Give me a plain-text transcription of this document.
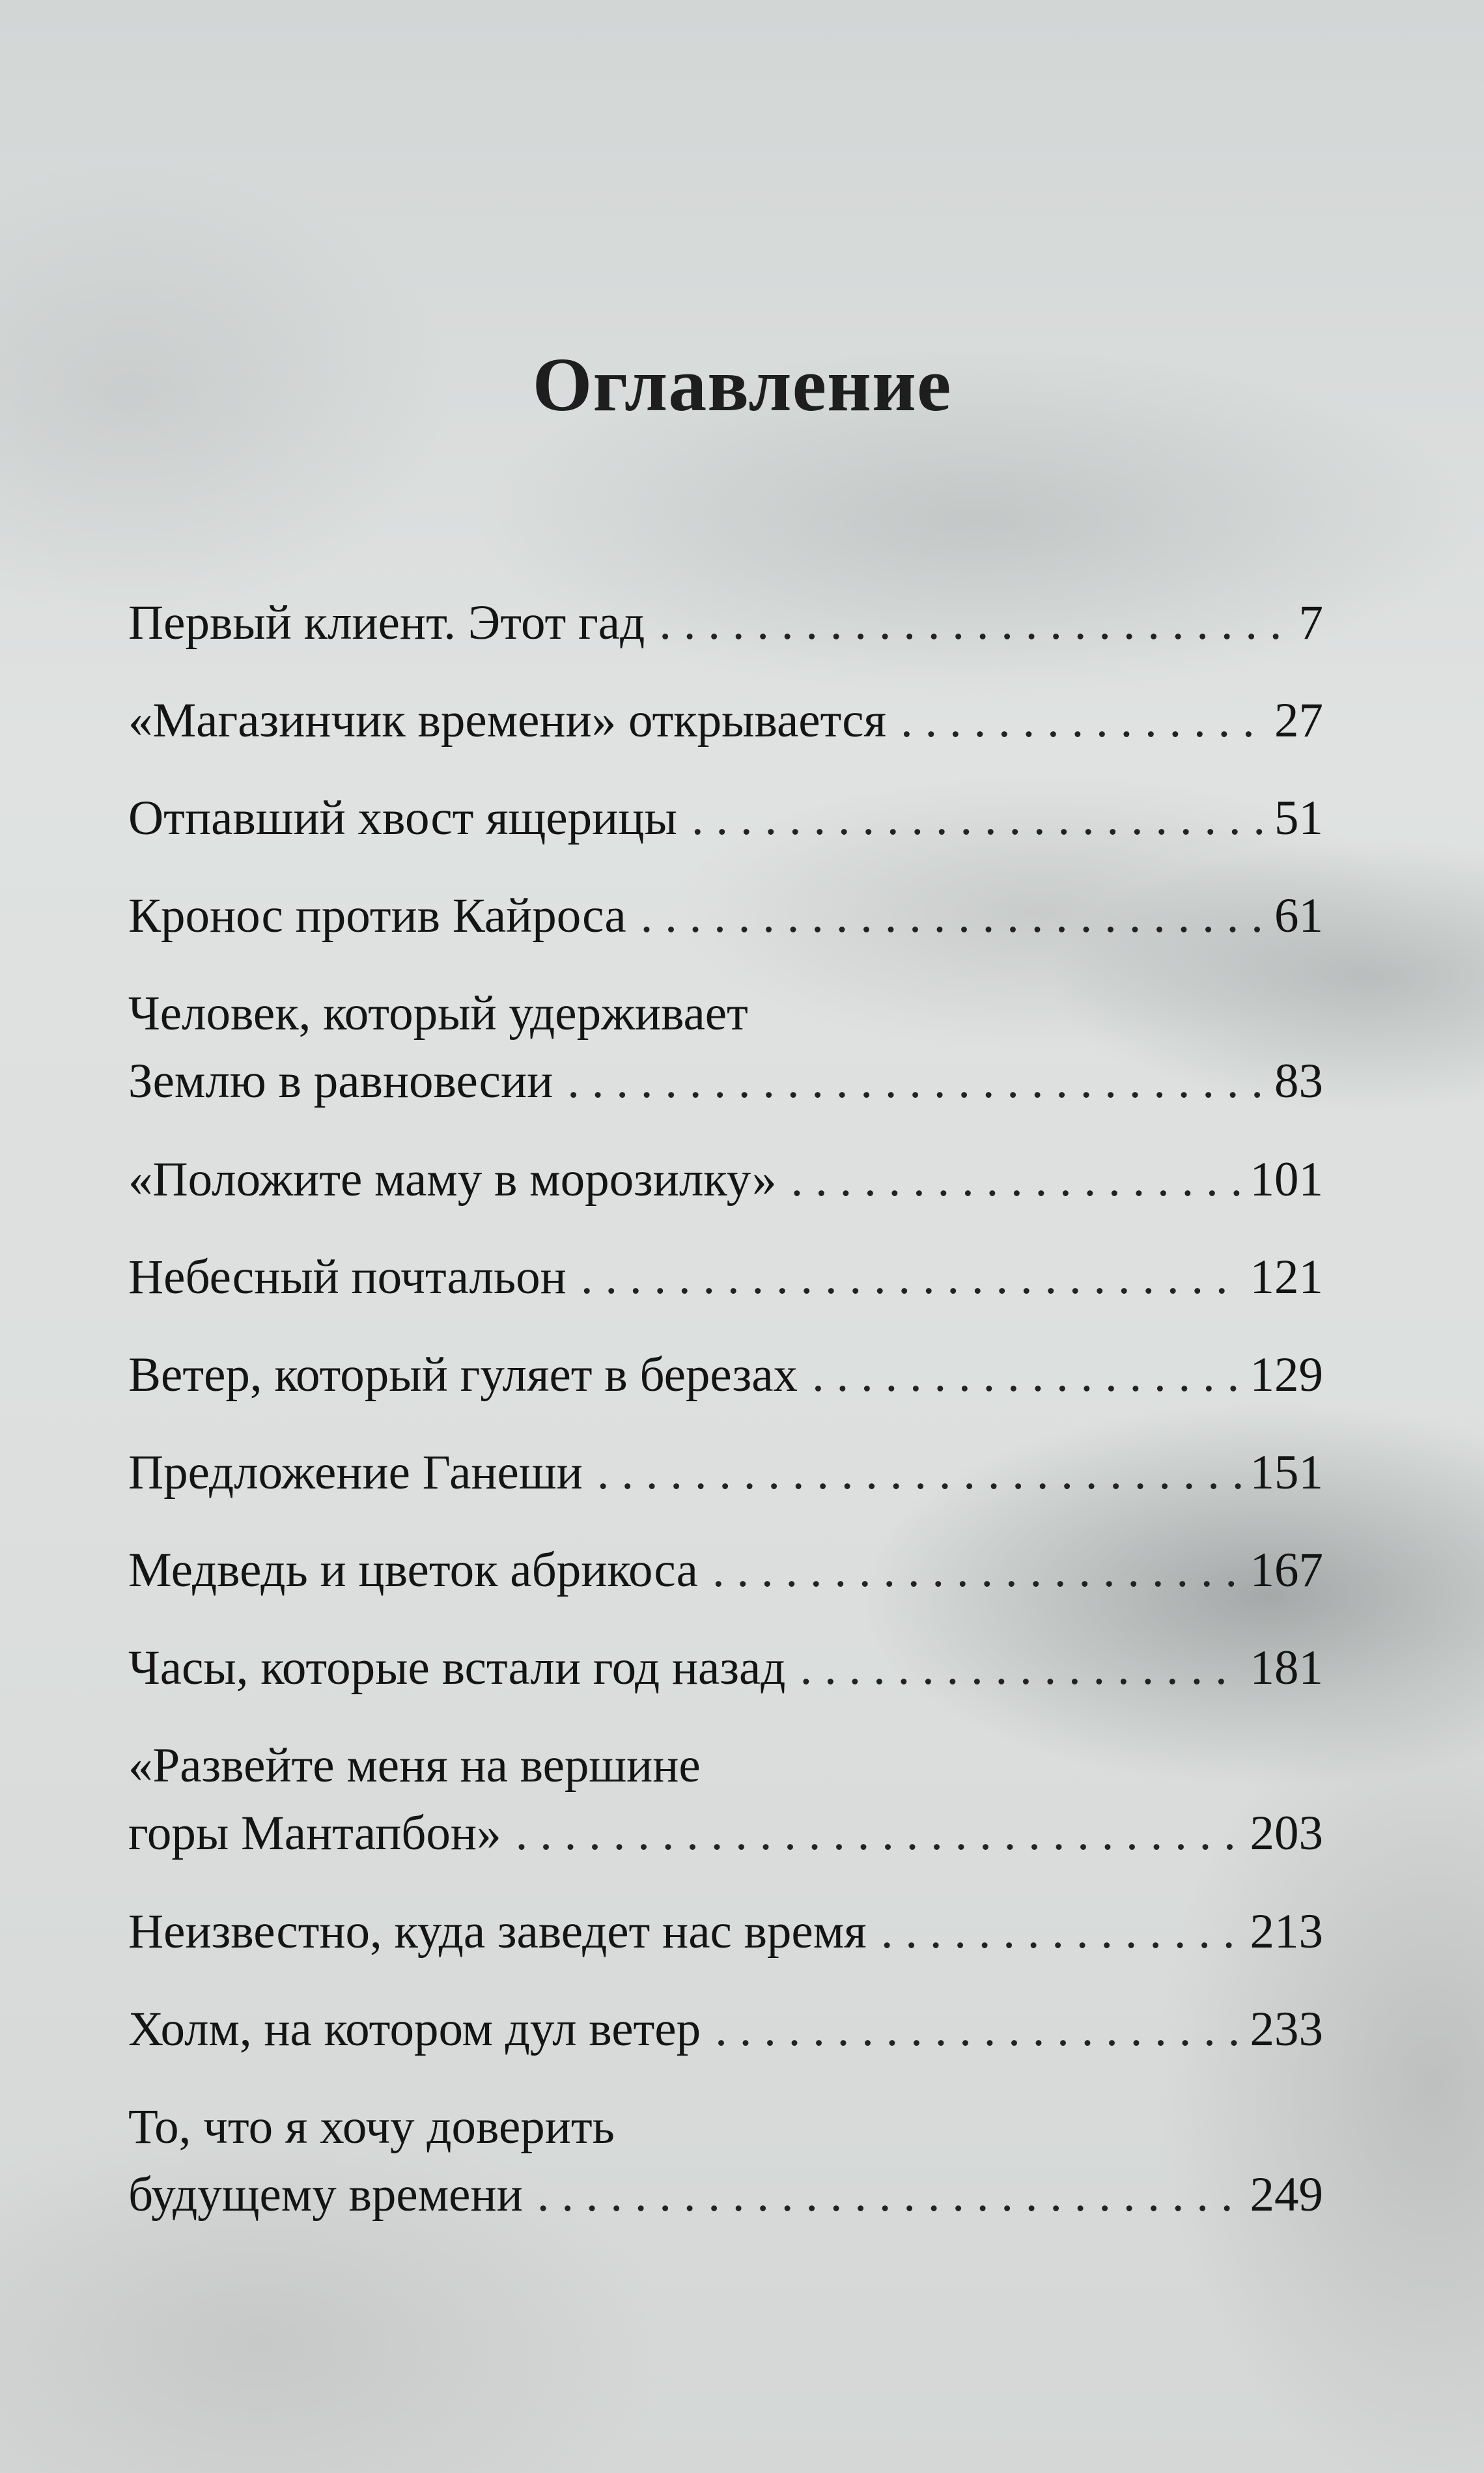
Оглавление
Первый клиент. Этот гад . . .	7
«Магазинчик времени» открывается . . .	27
Отпавший хвост ящерицы . . .	51
Кронос против Кайроса . . .	61
Человек, который удерживает
Землю в равновесии . . .	83
«Положите маму в морозилку» . . .	101
Небесный почтальон . . .	121
Ветер, который гуляет в березах . . .	129
Предложение Ганеши . . .	151
Медведь и цветок абрикоса . . .	167
Часы, которые встали год назад . . .	181
«Развейте меня на вершине
горы Мантапбон» . . .	203
Неизвестно, куда заведет нас время . . .	213
Холм, на котором дул ветер . . .	233
То, что я хочу доверить
будущему времени . . .	249
